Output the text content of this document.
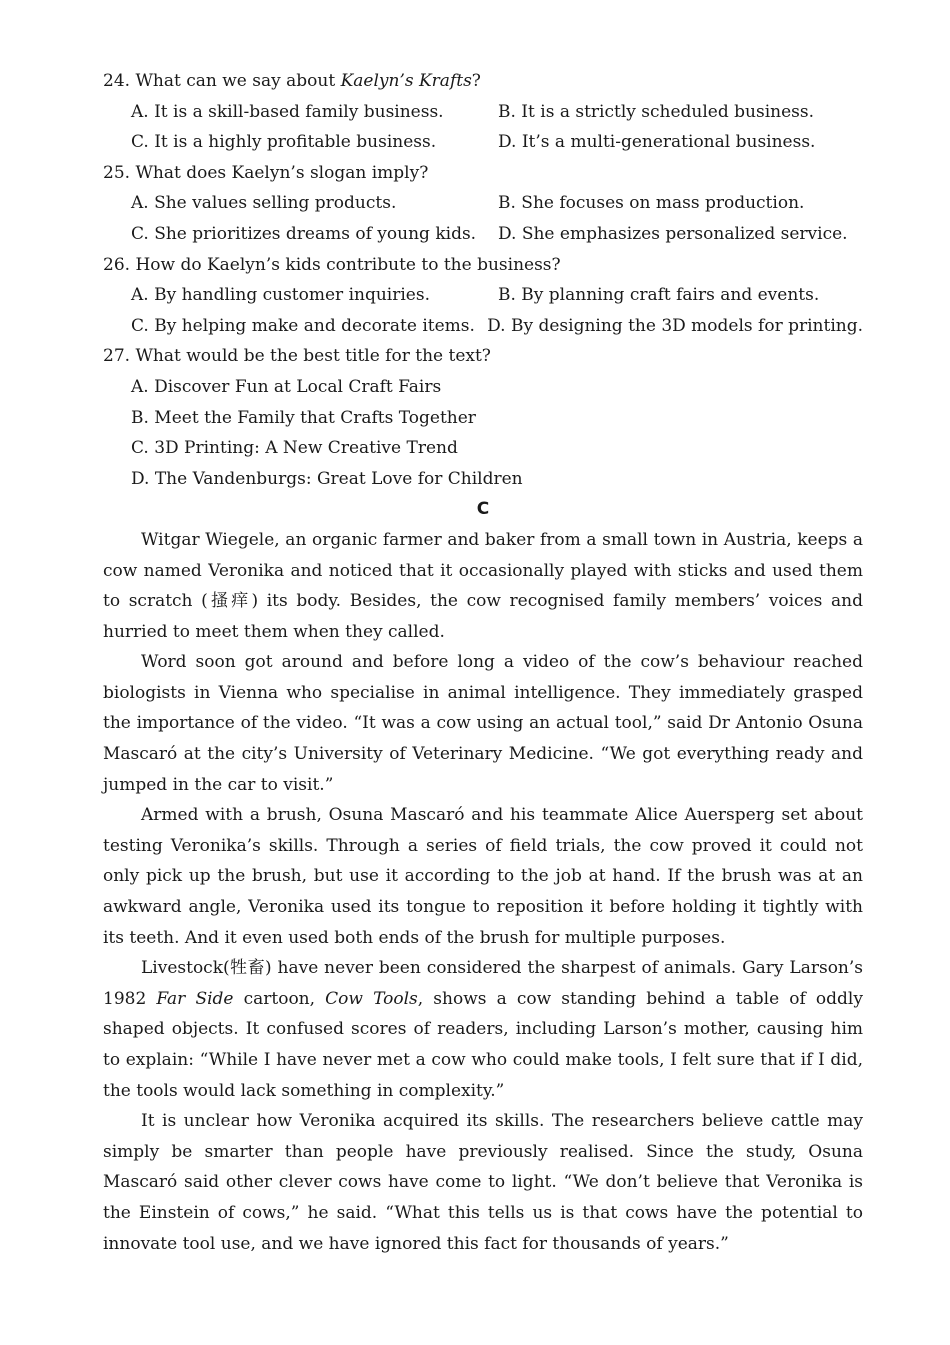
24. What can we say about Kaelyn’s Krafts?
A. It is a skill-based family business.	B. It is a strictly scheduled business.
C. It is a highly profitable business.	D. It’s a multi-generational business.
25. What does Kaelyn’s slogan imply?
A. She values selling products.	B. She focuses on mass production.
C. She prioritizes dreams of young kids.	D. She emphasizes personalized service.
26. How do Kaelyn’s kids contribute to the business?
A. By handling customer inquiries.	B. By planning craft fairs and events.
C. By helping make and decorate items. D. By designing the 3D models for printing.
27. What would be the best title for the text?
A. Discover Fun at Local Craft Fairs
B. Meet the Family that Crafts Together
C. 3D Printing: A New Creative Trend
D. The Vandenburgs: Great Love for Children
C

Witgar Wiegele, an organic farmer and baker from a small town in Austria, keeps a cow named Veronika and noticed that it occasionally played with sticks and used them to scratch (搔痒) its body. Besides, the cow recognised family members’ voices and hurried to meet them when they called.

Word soon got around and before long a video of the cow’s behaviour reached biologists in Vienna who specialise in animal intelligence. They immediately grasped the importance of the video. “It was a cow using an actual tool,” said Dr Antonio Osuna Mascaró at the city’s University of Veterinary Medicine. “We got everything ready and jumped in the car to visit.”

Armed with a brush, Osuna Mascaró and his teammate Alice Auersperg set about testing Veronika’s skills. Through a series of field trials, the cow proved it could not only pick up the brush, but use it according to the job at hand. If the brush was at an awkward angle, Veronika used its tongue to reposition it before holding it tightly with its teeth. And it even used both ends of the brush for multiple purposes.

Livestock(牲畜) have never been considered the sharpest of animals. Gary Larson’s 1982 Far Side cartoon, Cow Tools, shows a cow standing behind a table of oddly shaped objects. It confused scores of readers, including Larson’s mother, causing him to explain: “While I have never met a cow who could make tools, I felt sure that if I did, the tools would lack something in complexity.”

It is unclear how Veronika acquired its skills. The researchers believe cattle may simply be smarter than people have previously realised. Since the study, Osuna Mascaró said other clever cows have come to light. “We don’t believe that Veronika is the Einstein of cows,” he said. “What this tells us is that cows have the potential to innovate tool use, and we have ignored this fact for thousands of years.”
